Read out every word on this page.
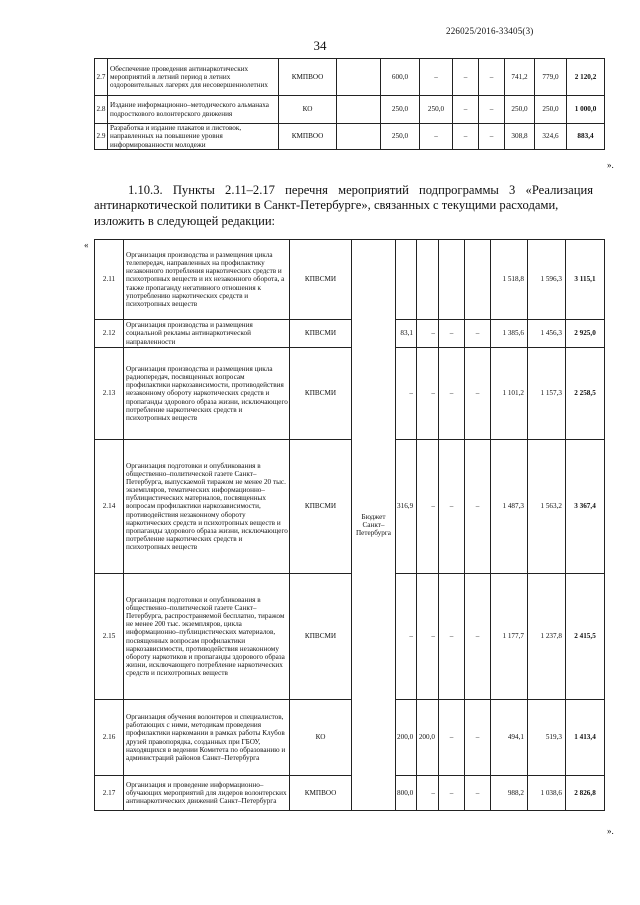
226025/2016-33405(3)
34
2.7	Обеспечение проведения антинаркотических мероприятий в летний период в летних оздоровительных лагерях для несовершеннолетних	КМПВОО		600,0	–	–	–	741,2	779,0	2 120,2
2.8	Издание информационно–методического альманаха подросткового волонтерского движения	КО		250,0	250,0	–	–	250,0	250,0	1 000,0
2.9	Разработка и издание плакатов и листовок, направленных на повышение уровня информированности молодежи	КМПВОО		250,0	–	–	–	308,8	324,6	883,4
».
1.10.3. Пункты 2.11–2.17 перечня мероприятий подпрограммы 3 «Реализация
антинаркотической политики в Санкт-Петербурге», связанных с текущими расходами,
изложить в следующей редакции:
«
2.11	Организация производства и размещения цикла телепередач, направленных на профилактику незаконного потребления наркотических средств и психотропных веществ и их незаконного оборота, а также пропаганду негативного отношения к употреблению наркотических средств и психотропных веществ	КПВСМИ	Бюджет Санкт–Петербурга					1 518,8	1 596,3	3 115,1
2.12	Организация производства и размещения социальной рекламы антинаркотической направленности	КПВСМИ		83,1	–	–	–	1 385,6	1 456,3	2 925,0
2.13	Организация производства и размещения цикла радиопередач, посвященных вопросам профилактики наркозависимости, противодействия незаконному обороту наркотических средств и пропаганды здорового образа жизни, исключающего потребление наркотических средств и психотропных веществ	КПВСМИ		–	–	–	–	1 101,2	1 157,3	2 258,5
2.14	Организация подготовки и опубликования в общественно–политической газете Санкт–Петербурга, выпускаемой тиражом не менее 20 тыс. экземпляров, тематических информационно–публицистических материалов, посвященных вопросам профилактики наркозависимости, противодействия незаконному обороту наркотических средств и психотропных веществ и пропаганды здорового образа жизни, исключающего потребление наркотических средств и психотропных веществ	КПВСМИ		316,9	–	–	–	1 487,3	1 563,2	3 367,4
2.15	Организация подготовки и опубликования в общественно–политической газете Санкт–Петербурга, распространяемой бесплатно, тиражом не менее 200 тыс. экземпляров, цикла информационно–публицистических материалов, посвященных вопросам профилактики наркозависимости, противодействия незаконному обороту наркотиков и пропаганды здорового образа жизни, исключающего потребление наркотических средств и психотропных веществ	КПВСМИ		–	–	–	–	1 177,7	1 237,8	2 415,5
2.16	Организация обучения волонтеров и специалистов, работающих с ними, методикам проведения профилактики наркомании в рамках работы Клубов друзей правопорядка, созданных при ГБОУ, находящихся в ведении Комитета по образованию и администраций районов Санкт–Петербурга	КО		200,0	200,0	–	–	494,1	519,3	1 413,4
2.17	Организация и проведение информационно–обучающих мероприятий для лидеров волонтерских антинаркотических движений Санкт–Петербурга	КМПВОО		800,0	–	–	–	988,2	1 038,6	2 826,8
».
